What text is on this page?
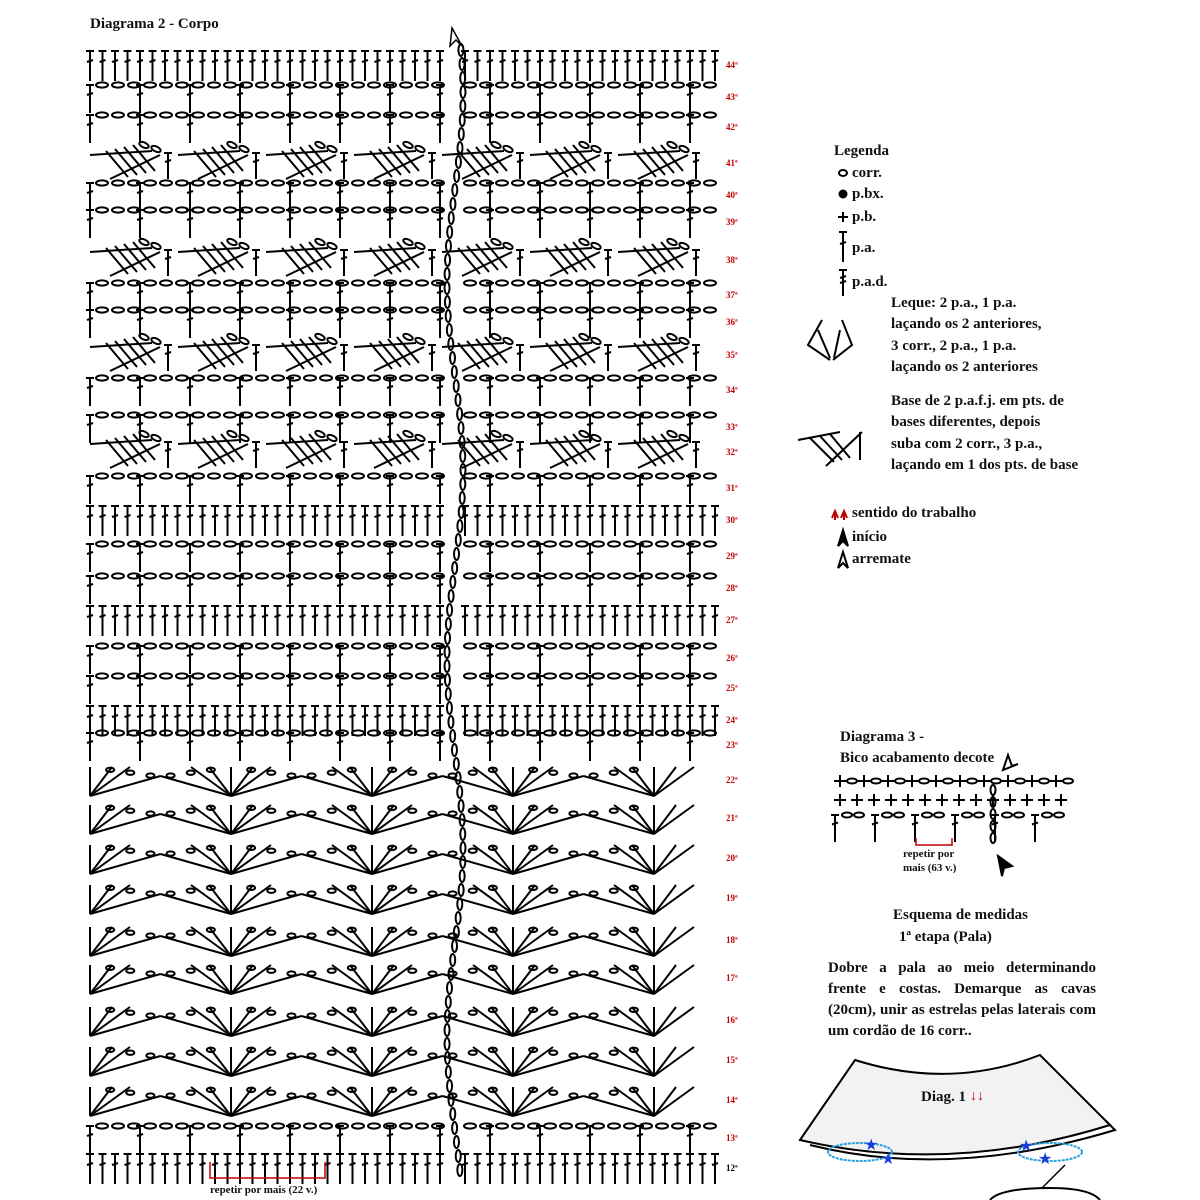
★
★
★
★
Diagrama 2 - Corpo
repetir por mais (22 v.)
44ª
43ª
42ª
41ª
40ª
39ª
38ª
37ª
36ª
35ª
34ª
33ª
32ª
31ª
30ª
29ª
28ª
27ª
26ª
25ª
24ª
23ª
22ª
21ª
20ª
19ª
18ª
17ª
16ª
15ª
14ª
13ª
12ª
Legenda
corr.
p.bx.
p.b.
p.a.
p.a.d.
Leque: 2 p.a., 1 p.a.
laçando os 2 anteriores,
3 corr., 2 p.a., 1 p.a.
laçando os 2 anteriores
Base de 2 p.a.f.j. em pts. de
bases diferentes, depois
suba com 2 corr., 3 p.a.,
laçando em 1 dos pts. de base
sentido do trabalho
início
arremate
Diagrama 3 -
Bico acabamento decote
repetir por
mais (63 v.)
Esquema de medidas
1ª etapa (Pala)
Dobre a pala ao meio determinando frente e costas. Demarque as cavas (20cm), unir as estrelas pelas laterais com um cordão de 16 corr..
Diag. 1 ↓↓
